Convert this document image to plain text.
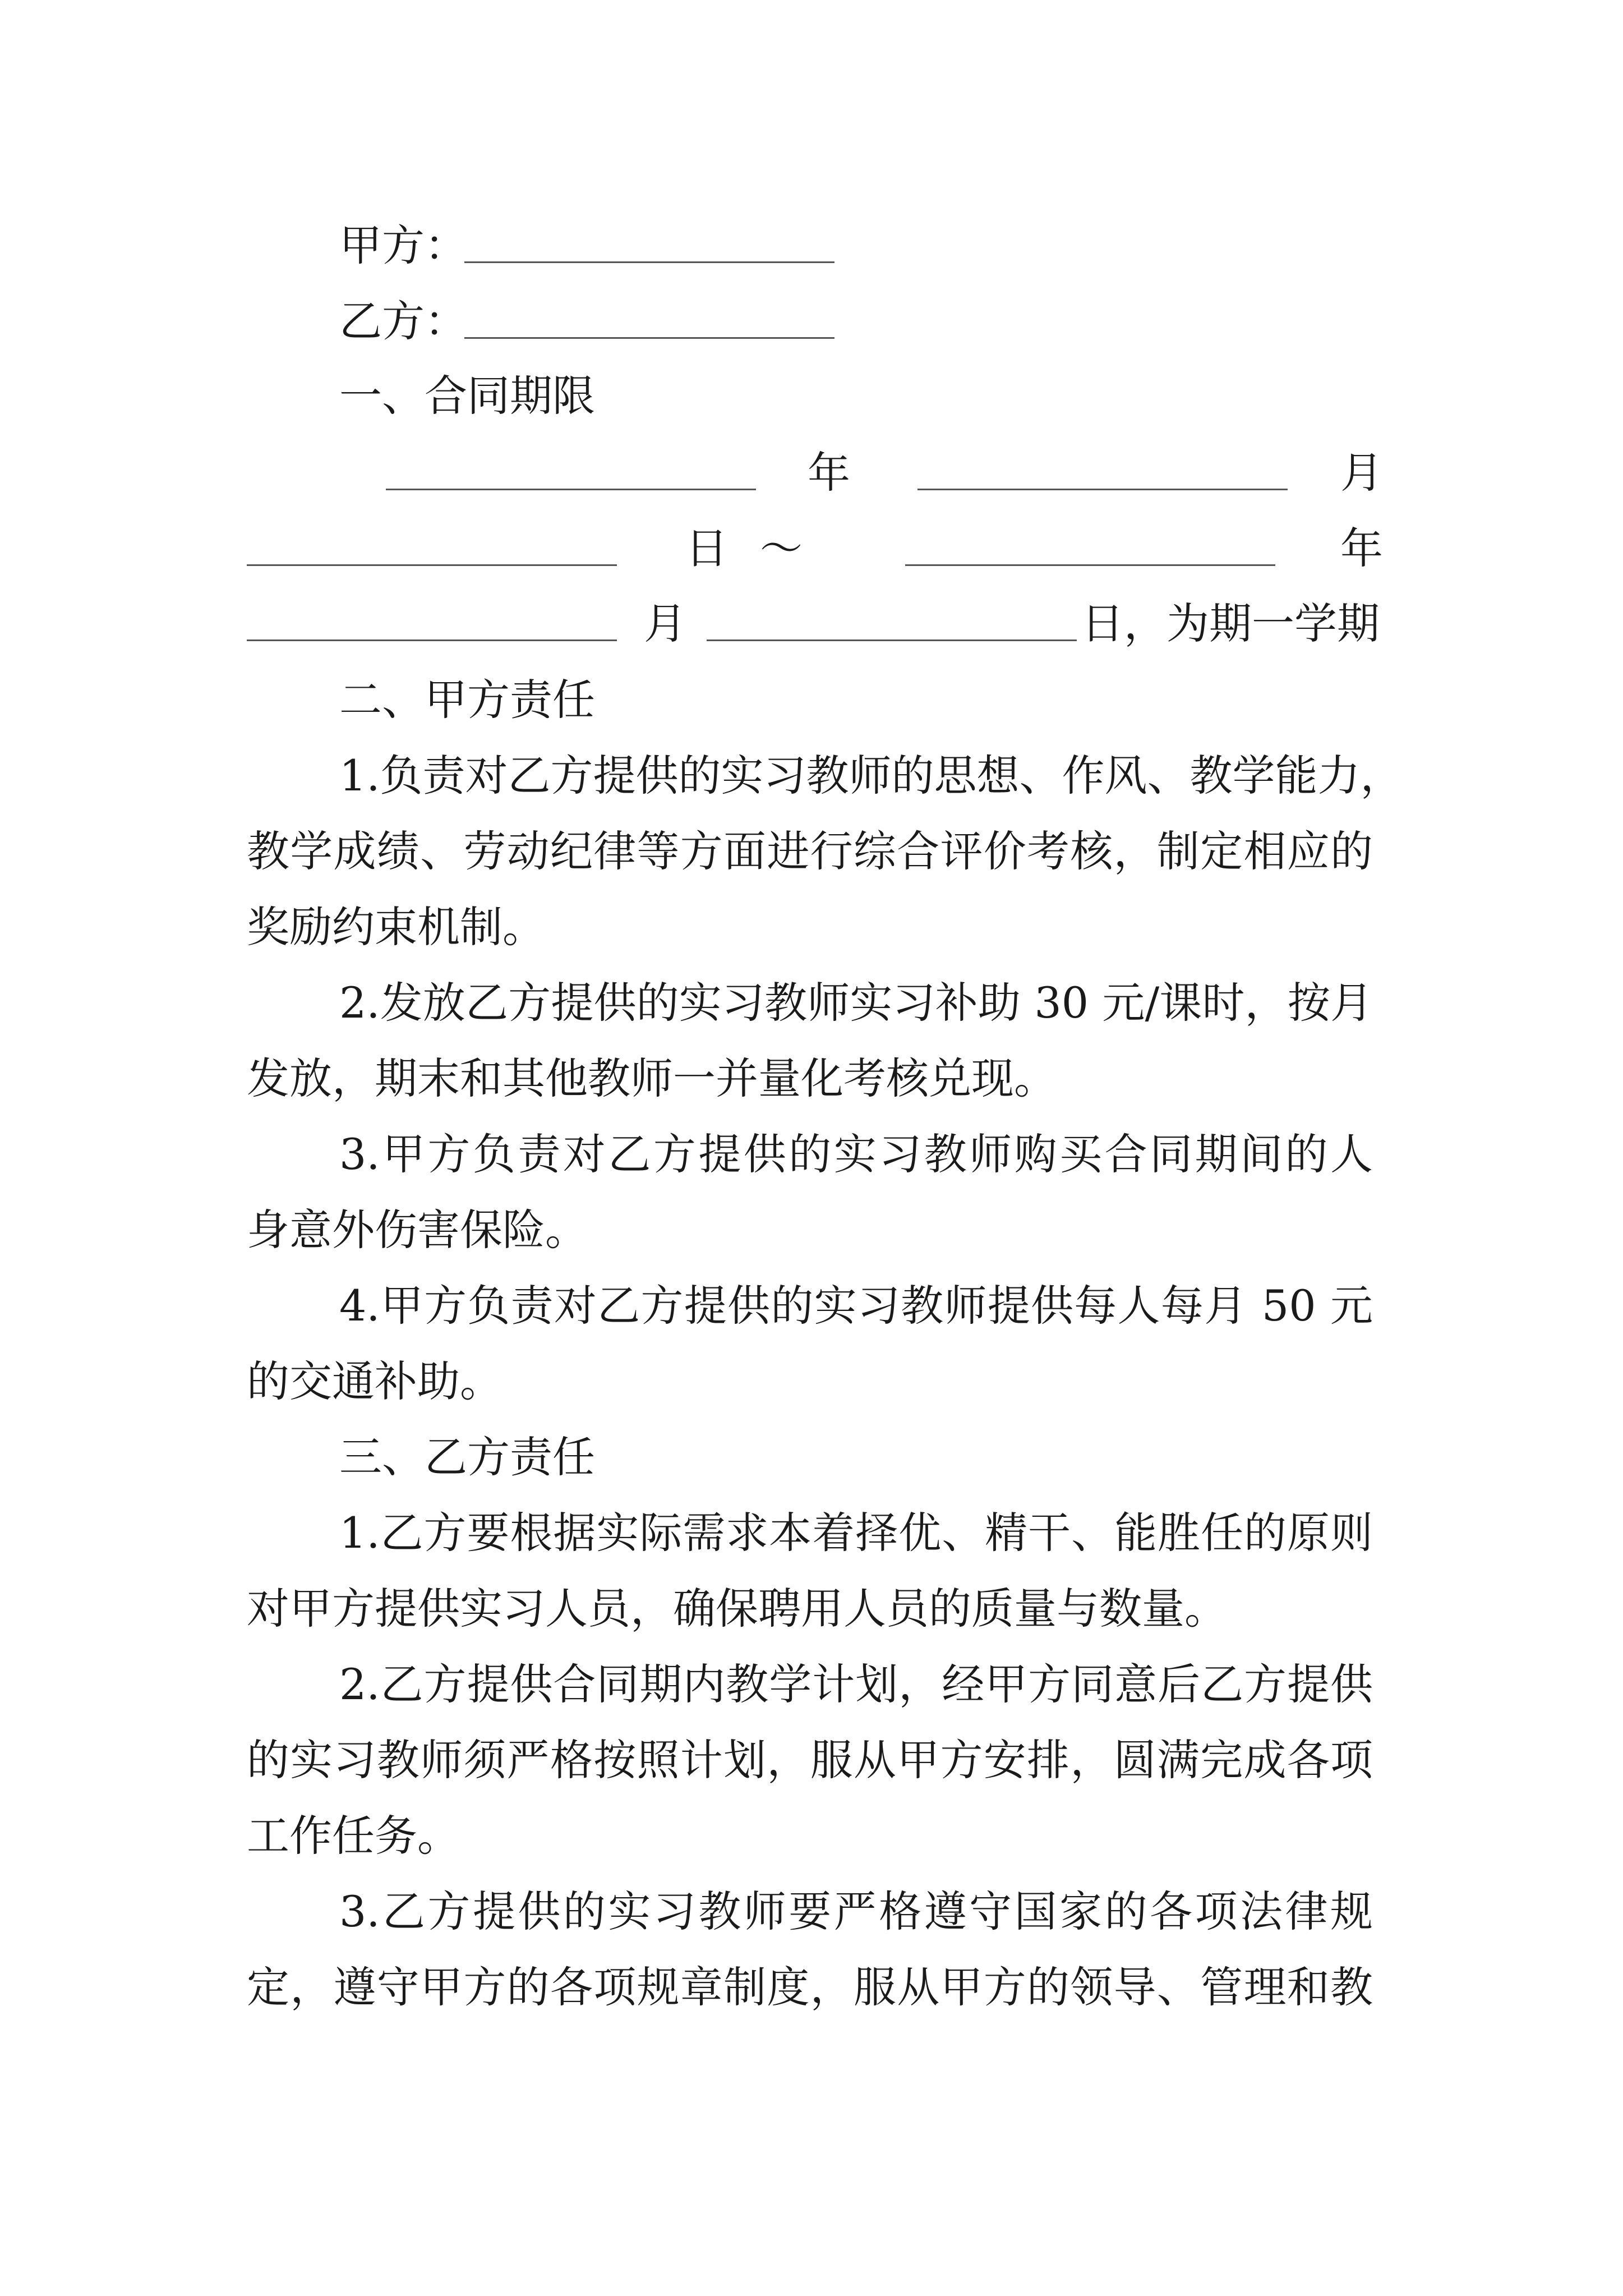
甲方：
乙方：
一、合同期限
年	月
日 ～	年
月	日，为期一学期
二、甲方责任
1.负责对乙方提供的实习教师的思想、作风、教学能力，
教学成绩、劳动纪律等方面进行综合评价考核，制定相应的
奖励约束机制。
2.发放乙方提供的实习教师实习补助 30 元/课时，按月
发放，期末和其他教师一并量化考核兑现。
3.甲方负责对乙方提供的实习教师购买合同期间的人
身意外伤害保险。
4.甲方负责对乙方提供的实习教师提供每人每月 50 元
的交通补助。
三、乙方责任
1.乙方要根据实际需求本着择优、精干、能胜任的原则
对甲方提供实习人员，确保聘用人员的质量与数量。
2.乙方提供合同期内教学计划，经甲方同意后乙方提供
的实习教师须严格按照计划，服从甲方安排，圆满完成各项
工作任务。
3.乙方提供的实习教师要严格遵守国家的各项法律规
定，遵守甲方的各项规章制度，服从甲方的领导、管理和教
